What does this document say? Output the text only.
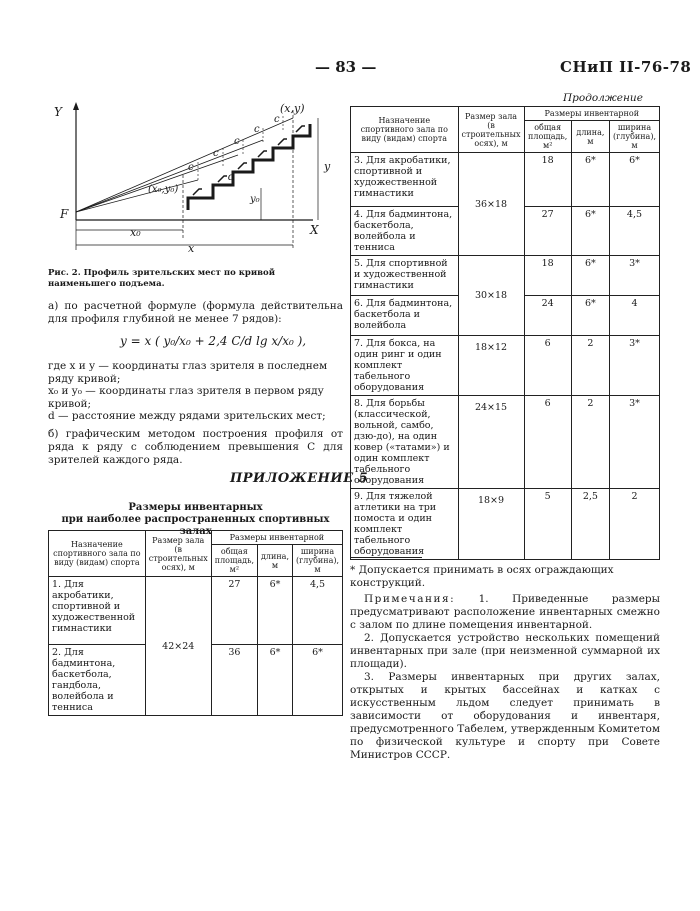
— 83 —	СНиП II-76-78
Y
X
F
(x,y)
(x₀,y₀)
x₀
x
y
y₀
d
c
c
c
c
c
Рис. 2. Профиль зрительских мест по кривой наименьшего подъема.
а) по расчетной формуле (формула действительна для профиля глубиной не менее 7 рядов):
y = x ( y₀/x₀ + 2,4 C/d lg x/x₀ ),
где x и y — координаты глаз зрителя в последнем ряду кривой;
x₀ и y₀ — координаты глаз зрителя в первом ряду кривой;
d — расстояние между рядами зрительских мест;
б) графическим методом построения профиля от ряда к ряду с соблюдением превышения C для зрителей каждого ряда.
ПРИЛОЖЕНИЕ 5
Размеры инвентарных
при наиболее распространенных спортивных залах
Назначение спортивного зала по виду (видам) спорта	Размер зала (в строительных осях), м	Размеры инвентарной		
		общая площадь, м²	длина, м	ширина (глубина), м
1. Для акробатики, спортивной и художественной гимнастики	42×24	27	6*	4,5
2. Для бадминтона, баскетбола, гандбола, волейбола и тенниса		36	6*	6*
Продолжение
Назначение спортивного зала по виду (видам) спорта	Размер зала (в строительных осях), м	Размеры инвентарной		
		общая площадь, м²	длина, м	ширина (глубина), м
3. Для акробатики, спортивной и художественной гимнастики	36×18	18	6*	6*
4. Для бадминтона, баскетбола, волейбола и тенниса		27	6*	4,5
5. Для спортивной и художественной гимнастики	30×18	18	6*	3*
6. Для бадминтона, баскетбола и волейбола		24	6*	4
7. Для бокса, на один ринг и один комплект табельного оборудования	18×12	6	2	3*
8. Для борьбы (классической, вольной, самбо, дзю-до), на один ковер («татами») и один комплект табельного оборудования	24×15	6	2	3*
9. Для тяжелой атлетики на три помоста и один комплект табельного оборудования	18×9	5	2,5	2
* Допускается принимать в осях ограждающих конструкций.

Примечания: 1. Приведенные размеры предусматривают расположение инвентарных смежно с залом по длине помещения инвентарной.

2. Допускается устройство нескольких помещений инвентарных при зале (при неизменной суммарной их площади).

3. Размеры инвентарных при других залах, открытых и крытых бассейнах и катках с искусственным льдом следует принимать в зависимости от оборудования и инвентаря, предусмотренного Табелем, утвержденным Комитетом по физической культуре и спорту при Совете Министров СССР.
